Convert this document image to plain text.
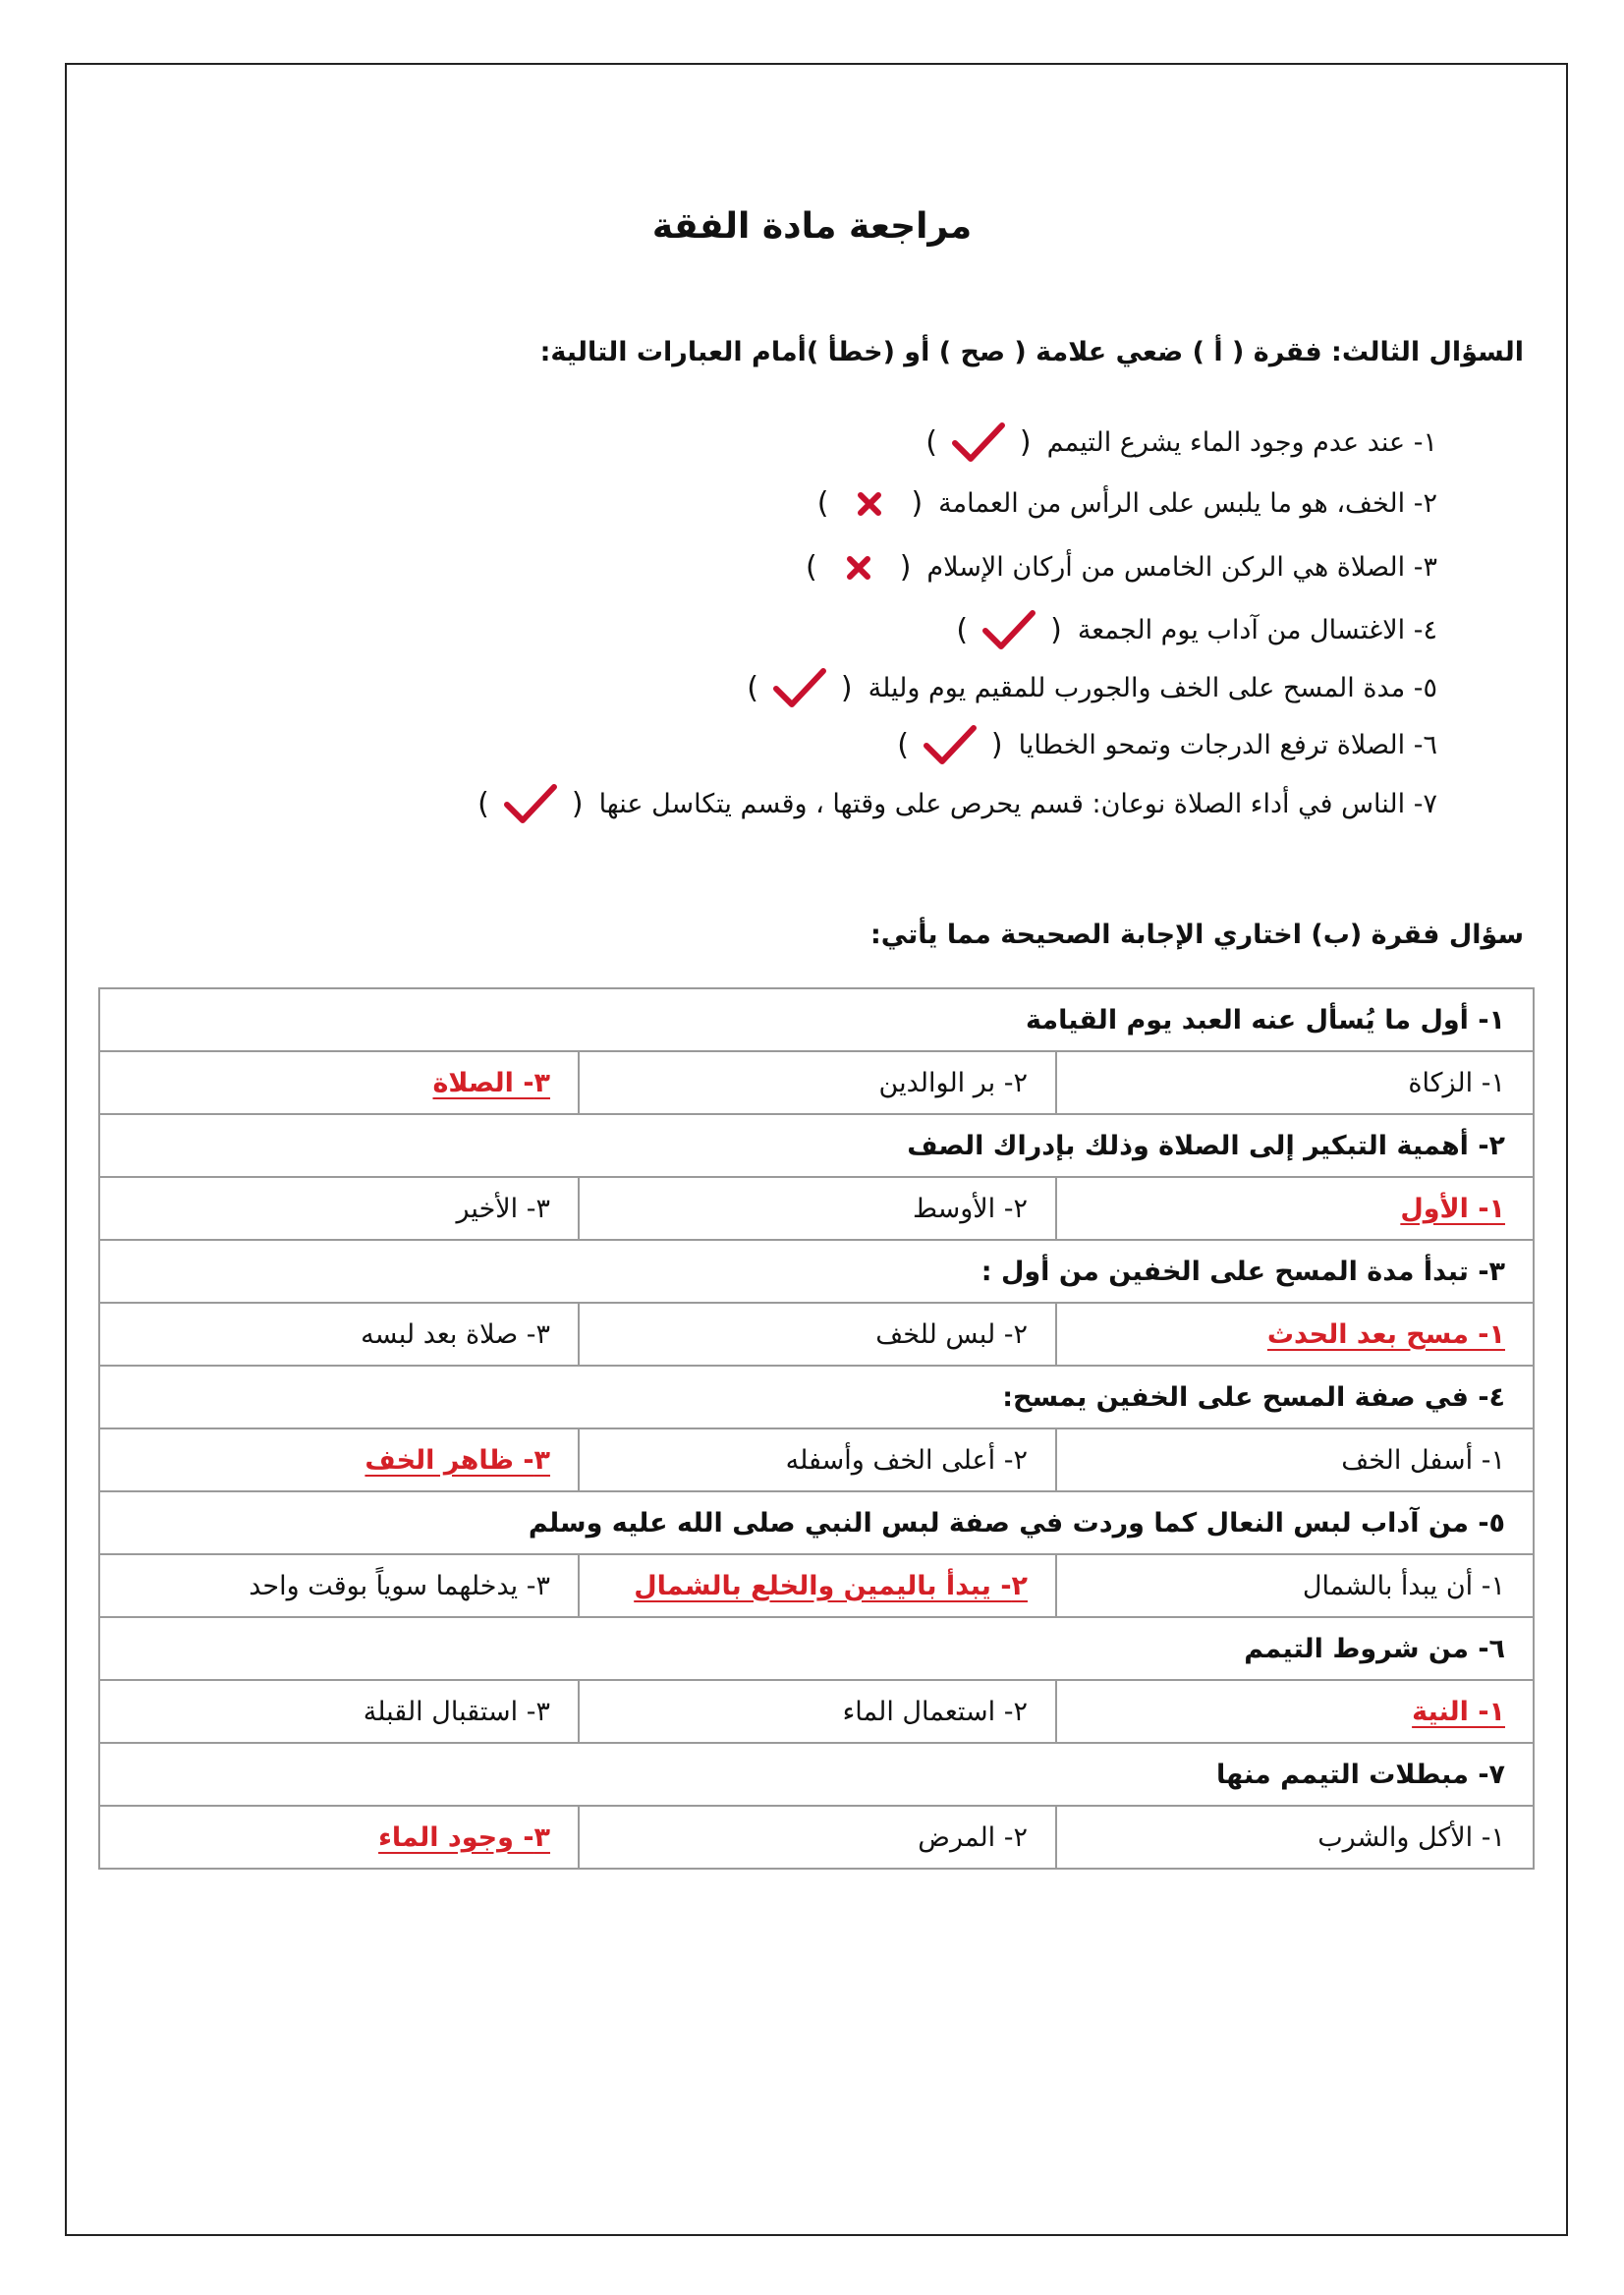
مراجعة مادة الفقة
السؤال الثالث: فقرة ( أ ) ضعي علامة ( صح ) أو (خطأ )أمام العبارات التالية:
١- عند عدم وجود الماء يشرع التيمم
(
)
٢- الخف، هو ما يلبس على الرأس من العمامة
(
)
٣- الصلاة هي الركن الخامس من أركان الإسلام
(
)
٤- الاغتسال من آداب يوم الجمعة
(
)
٥- مدة المسح على الخف والجورب للمقيم يوم وليلة
(
)
٦- الصلاة ترفع الدرجات وتمحو الخطايا
(
)
٧- الناس في أداء الصلاة نوعان: قسم يحرص على وقتها ، وقسم يتكاسل عنها
(
)
سؤال فقرة (ب) اختاري الإجابة الصحيحة مما يأتي:
١- أول ما يُسأل عنه العبد يوم القيامة		
١- الزكاة	٢- بر الوالدين	٣- الصلاة
٢- أهمية التبكير إلى الصلاة وذلك بإدراك الصف		
١- الأول	٢- الأوسط	٣- الأخير
٣- تبدأ مدة المسح على الخفين من أول :		
١- مسح بعد الحدث	٢- لبس للخف	٣- صلاة بعد لبسه
٤- في صفة المسح على الخفين يمسح:		
١- أسفل الخف	٢- أعلى الخف وأسفله	٣- ظاهر الخف
٥- من آداب لبس النعال كما وردت في صفة لبس النبي صلى الله عليه وسلم		
١- أن يبدأ بالشمال	٢- يبدأ باليمين والخلع بالشمال	٣- يدخلهما سوياً بوقت واحد
٦- من شروط التيمم		
١- النية	٢- استعمال الماء	٣- استقبال القبلة
٧- مبطلات التيمم منها		
١- الأكل والشرب	٢- المرض	٣- وجود الماء
